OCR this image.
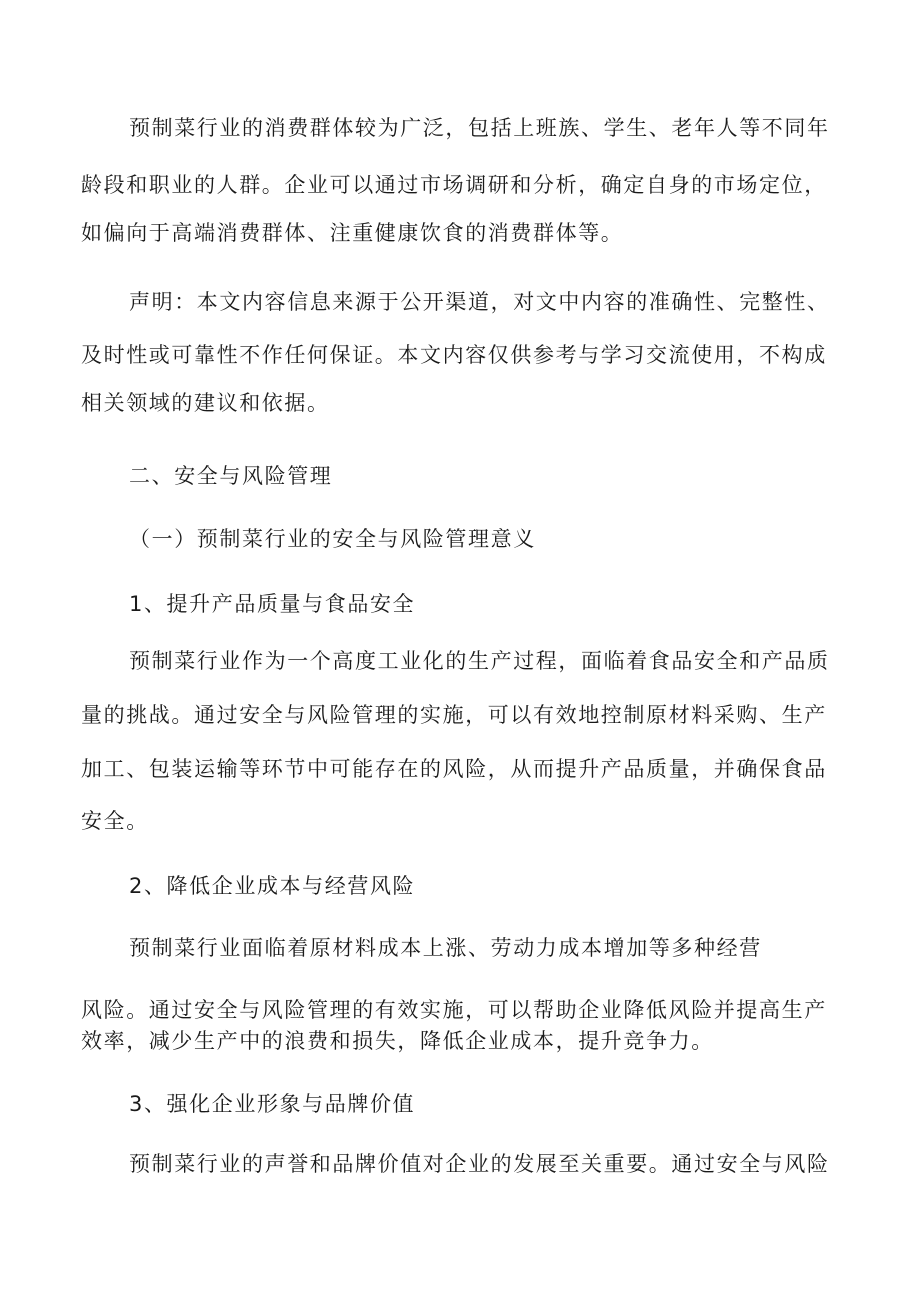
预制菜行业的消费群体较为广泛，包括上班族、学生、老年人等不同年
龄段和职业的人群。企业可以通过市场调研和分析，确定自身的市场定位，
如偏向于高端消费群体、注重健康饮食的消费群体等。
声明：本文内容信息来源于公开渠道，对文中内容的准确性、完整性、
及时性或可靠性不作任何保证。本文内容仅供参考与学习交流使用，不构成
相关领域的建议和依据。
二、安全与风险管理
（一）预制菜行业的安全与风险管理意义
1、提升产品质量与食品安全
预制菜行业作为一个高度工业化的生产过程，面临着食品安全和产品质
量的挑战。通过安全与风险管理的实施，可以有效地控制原材料采购、生产
加工、包装运输等环节中可能存在的风险，从而提升产品质量，并确保食品
安全。
2、降低企业成本与经营风险
预制菜行业面临着原材料成本上涨、劳动力成本增加等多种经营
风险。通过安全与风险管理的有效实施，可以帮助企业降低风险并提高生产
效率，减少生产中的浪费和损失，降低企业成本，提升竞争力。
3、强化企业形象与品牌价值
预制菜行业的声誉和品牌价值对企业的发展至关重要。通过安全与风险
